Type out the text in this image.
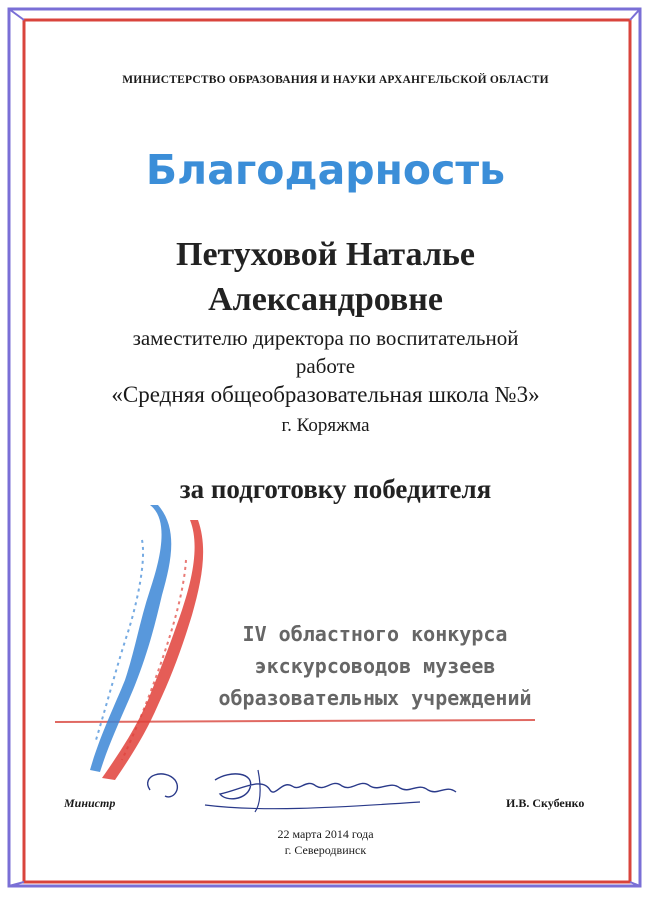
МИНИСТЕРСТВО ОБРАЗОВАНИЯ И НАУКИ АРХАНГЕЛЬСКОЙ ОБЛАСТИ
Благодарность
Петуховой Наталье
Александровне
заместителю директора по воспитательной
работе
«Средняя общеобразовательная школа №3»
г. Коряжма
за подготовку победителя
IV областного конкурса
экскурсоводов музеев
образовательных учреждений
Министр	И.В. Скубенко
22 марта 2014 года
г. Северодвинск
